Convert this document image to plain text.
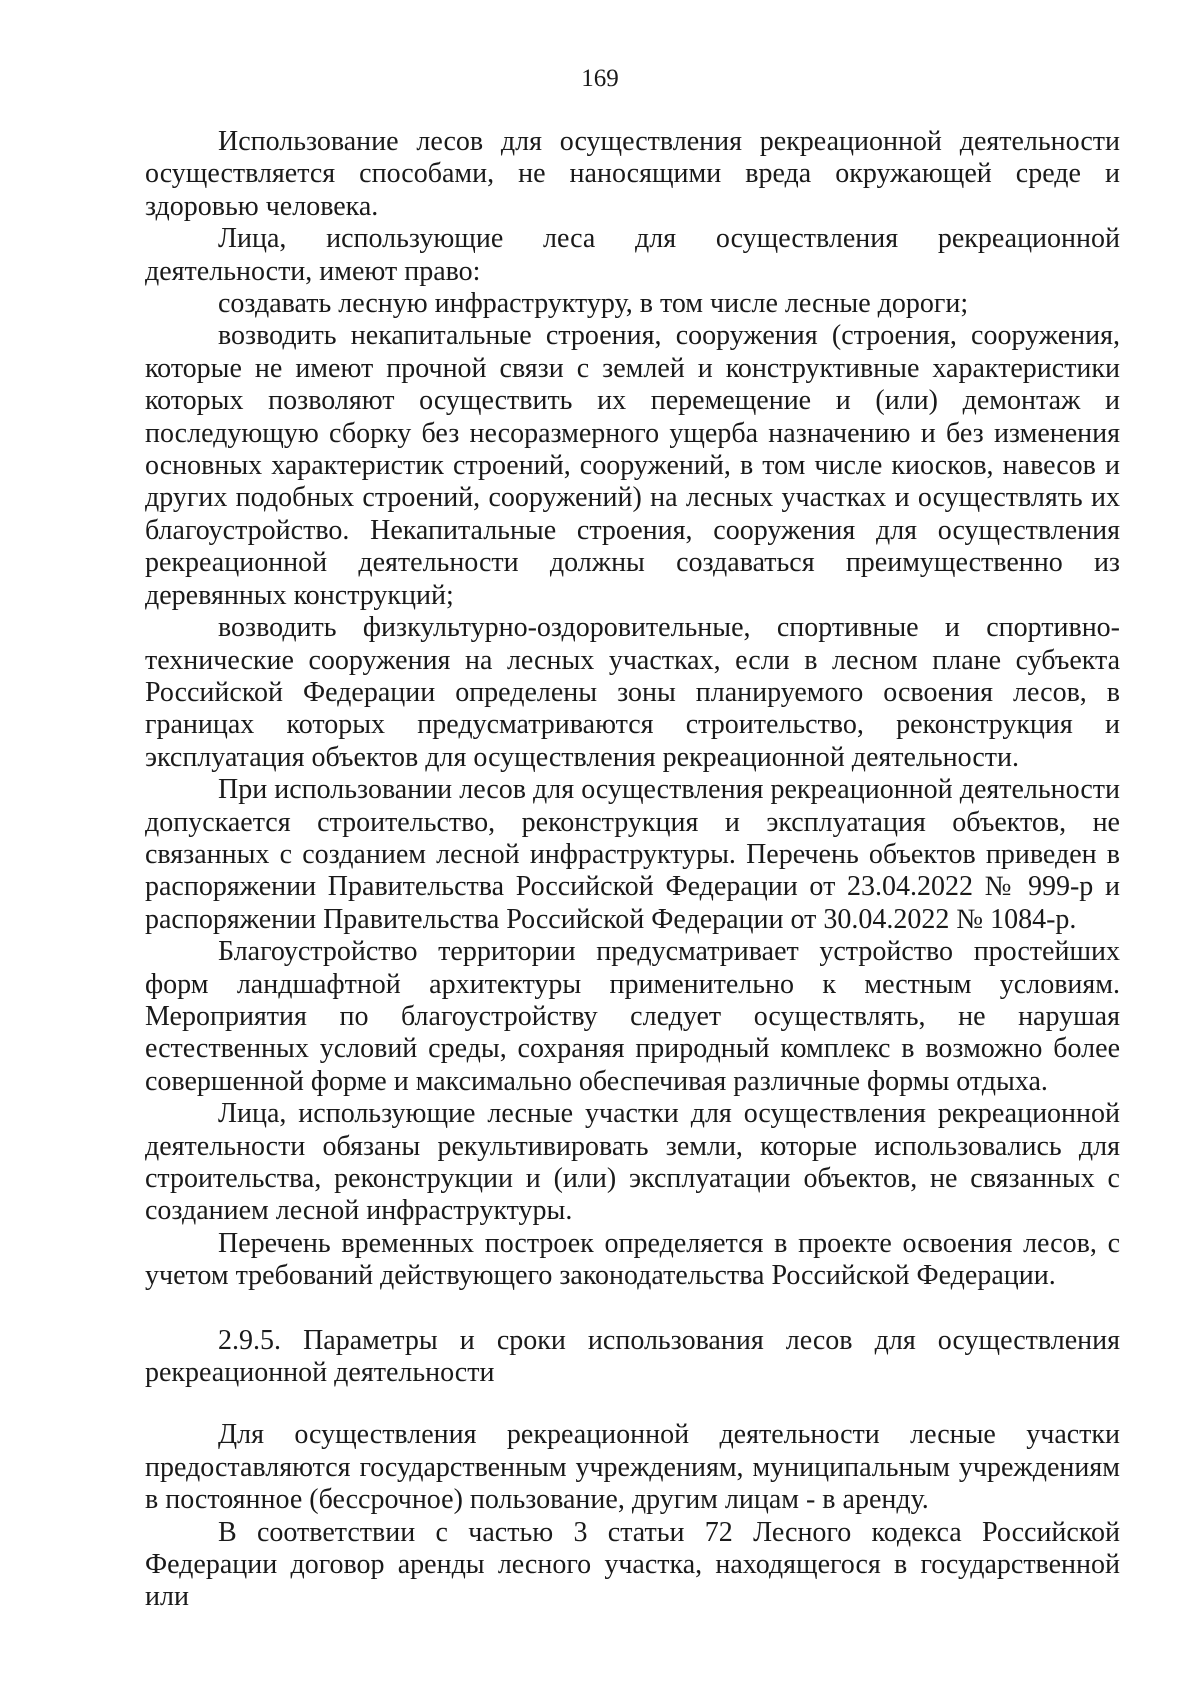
169

Использование лесов для осуществления рекреационной деятельности осуществляется способами, не наносящими вреда окружающей среде и здоровью человека.

Лица, использующие леса для осуществления рекреационной деятельности, имеют право:

создавать лесную инфраструктуру, в том числе лесные дороги;

возводить некапитальные строения, сооружения (строения, сооружения, которые не имеют прочной связи с землей и конструктивные характеристики которых позволяют осуществить их перемещение и (или) демонтаж и последующую сборку без несоразмерного ущерба назначению и без изменения основных характеристик строений, сооружений, в том числе киосков, навесов и других подобных строений, сооружений) на лесных участках и осуществлять их благоустройство. Некапитальные строения, сооружения для осуществления рекреационной деятельности должны создаваться преимущественно из деревянных конструкций;

возводить физкультурно-оздоровительные, спортивные и спортивно-технические сооружения на лесных участках, если в лесном плане субъекта Российской Федерации определены зоны планируемого освоения лесов, в границах которых предусматриваются строительство, реконструкция и эксплуатация объектов для осуществления рекреационной деятельности.

При использовании лесов для осуществления рекреационной деятельности допускается строительство, реконструкция и эксплуатация объектов, не связанных с созданием лесной инфраструктуры. Перечень объектов приведен в распоряжении Правительства Российской Федерации от 23.04.2022 № 999-р и распоряжении Правительства Российской Федерации от 30.04.2022 № 1084-р.

Благоустройство территории предусматривает устройство простейших форм ландшафтной архитектуры применительно к местным условиям. Мероприятия по благоустройству следует осуществлять, не нарушая естественных условий среды, сохраняя природный комплекс в возможно более совершенной форме и максимально обеспечивая различные формы отдыха.

Лица, использующие лесные участки для осуществления рекреационной деятельности обязаны рекультивировать земли, которые использовались для строительства, реконструкции и (или) эксплуатации объектов, не связанных с созданием лесной инфраструктуры.

Перечень временных построек определяется в проекте освоения лесов, с учетом требований действующего законодательства Российской Федерации.

2.9.5. Параметры и сроки использования лесов для осуществления рекреационной деятельности

Для осуществления рекреационной деятельности лесные участки предоставляются государственным учреждениям, муниципальным учреждениям в постоянное (бессрочное) пользование, другим лицам - в аренду.

В соответствии с частью 3 статьи 72 Лесного кодекса Российской Федерации договор аренды лесного участка, находящегося в государственной или
